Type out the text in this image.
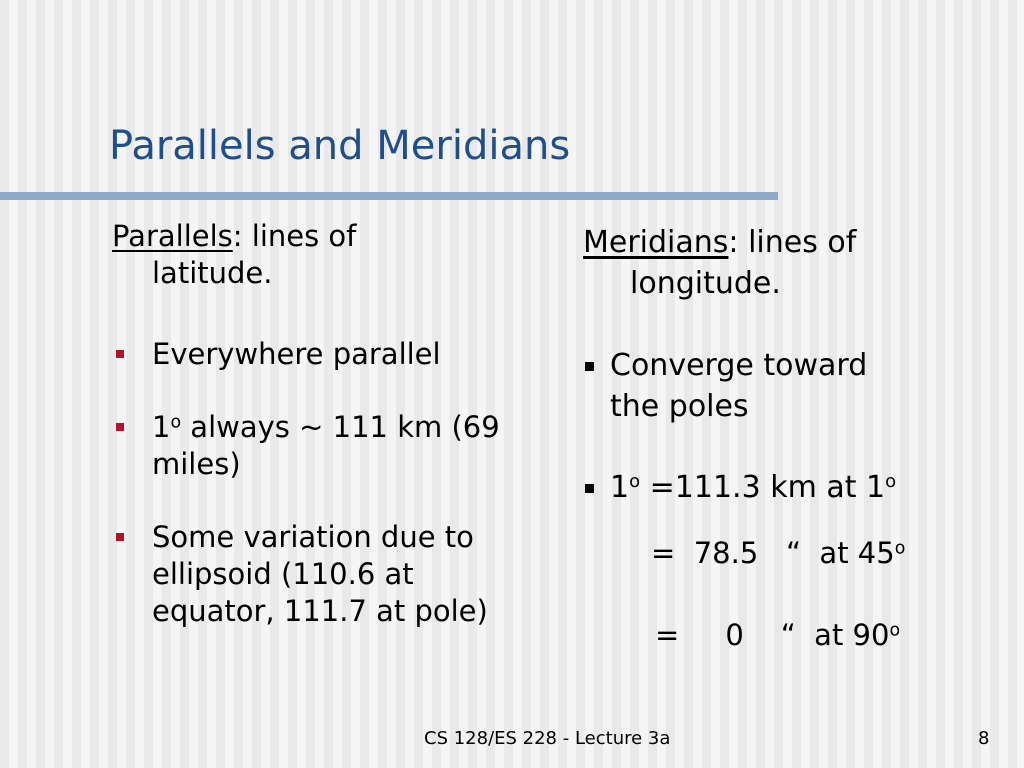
Parallels and Meridians
Parallels: lines of
latitude.
Everywhere parallel
1$^o$ always ~ 111 km (69 miles)
Some variation due to ellipsoid (110.6 at equator, 111.7 at pole)
Meridians: lines of
longitude.
Converge toward
the poles
$1^o =111.3$ km at $1^o$
=  78.5   “  at $45^o$
=     0    “  at 90$^o$
CS 128/ES 228 - Lecture 3a	8
